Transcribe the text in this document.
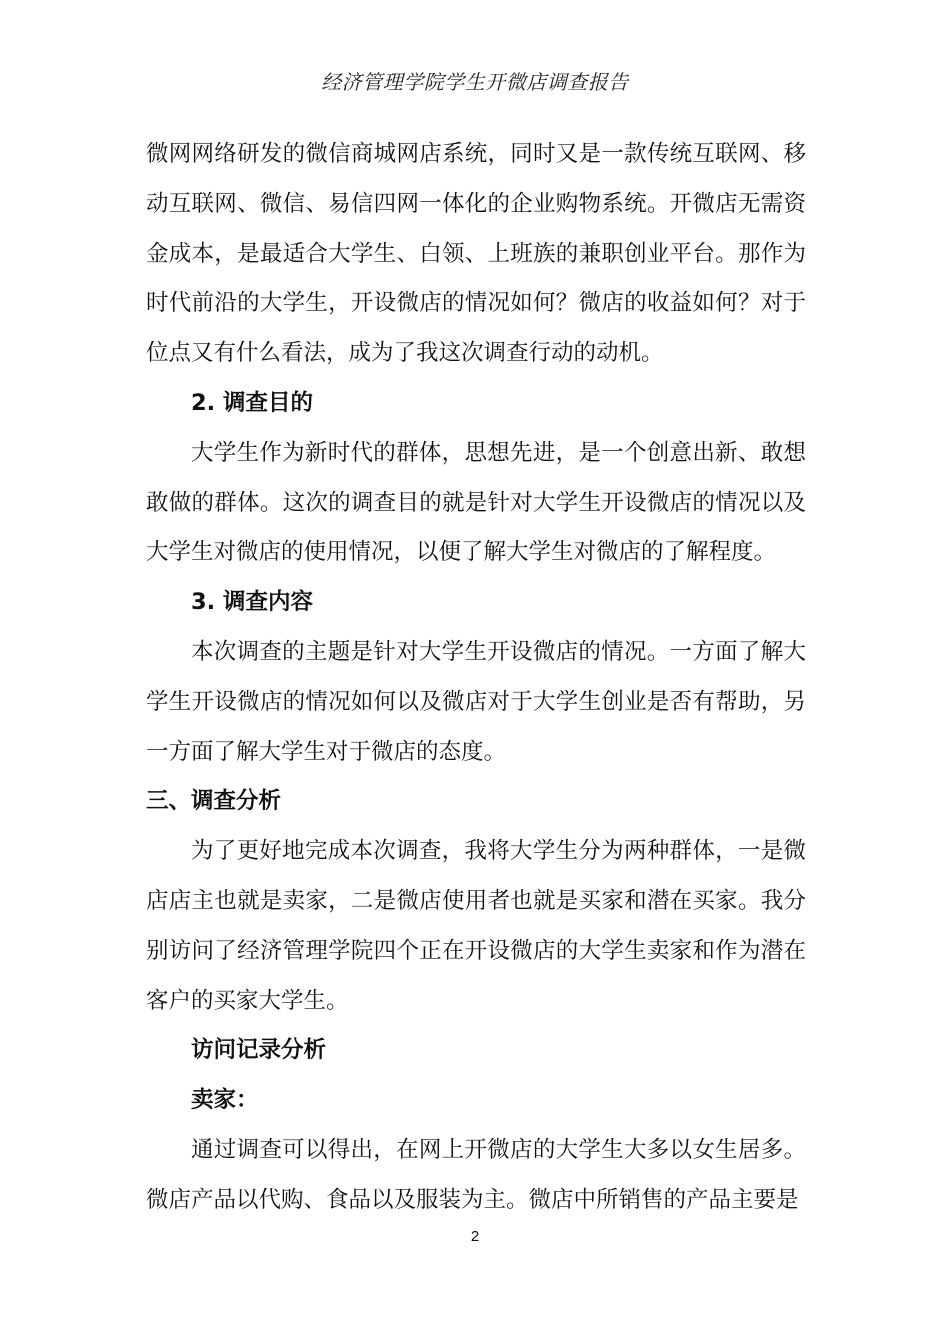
经济管理学院学生开微店调查报告

微网网络研发的微信商城网店系统，同时又是一款传统互联网、移动互联网、微信、易信四网一体化的企业购物系统。开微店无需资金成本，是最适合大学生、白领、上班族的兼职创业平台。那作为时代前沿的大学生，开设微店的情况如何？微店的收益如何？对于位点又有什么看法，成为了我这次调查行动的动机。

2. 调查目的

大学生作为新时代的群体，思想先进，是一个创意出新、敢想敢做的群体。这次的调查目的就是针对大学生开设微店的情况以及大学生对微店的使用情况，以便了解大学生对微店的了解程度。

3. 调查内容

本次调查的主题是针对大学生开设微店的情况。一方面了解大学生开设微店的情况如何以及微店对于大学生创业是否有帮助，另一方面了解大学生对于微店的态度。

三、调查分析

为了更好地完成本次调查，我将大学生分为两种群体，一是微店店主也就是卖家，二是微店使用者也就是买家和潜在买家。我分别访问了经济管理学院四个正在开设微店的大学生卖家和作为潜在客户的买家大学生。

访问记录分析

卖家：

通过调查可以得出，在网上开微店的大学生大多以女生居多。微店产品以代购、食品以及服装为主。微店中所销售的产品主要是

2
